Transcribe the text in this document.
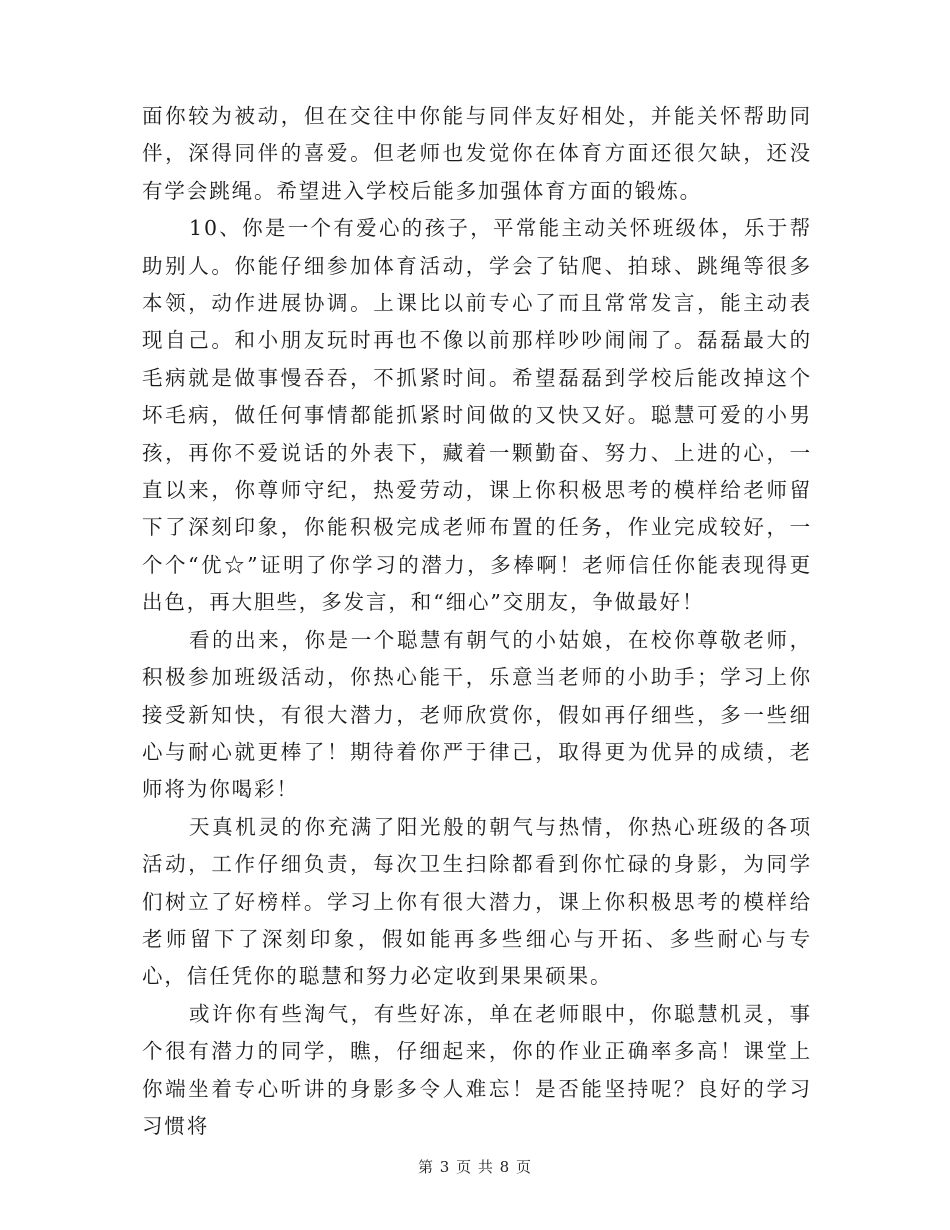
面你较为被动，但在交往中你能与同伴友好相处，并能关怀帮助同伴，深得同伴的喜爱。但老师也发觉你在体育方面还很欠缺，还没有学会跳绳。希望进入学校后能多加强体育方面的锻炼。

10、你是一个有爱心的孩子，平常能主动关怀班级体，乐于帮助别人。你能仔细参加体育活动，学会了钻爬、拍球、跳绳等很多本领，动作进展协调。上课比以前专心了而且常常发言，能主动表现自己。和小朋友玩时再也不像以前那样吵吵闹闹了。磊磊最大的毛病就是做事慢吞吞，不抓紧时间。希望磊磊到学校后能改掉这个坏毛病，做任何事情都能抓紧时间做的又快又好。聪慧可爱的小男孩，再你不爱说话的外表下，藏着一颗勤奋、努力、上进的心，一直以来，你尊师守纪，热爱劳动，课上你积极思考的模样给老师留下了深刻印象，你能积极完成老师布置的任务，作业完成较好，一个个“优☆”证明了你学习的潜力，多棒啊！老师信任你能表现得更出色，再大胆些，多发言，和“细心”交朋友，争做最好！

看的出来，你是一个聪慧有朝气的小姑娘，在校你尊敬老师，积极参加班级活动，你热心能干，乐意当老师的小助手；学习上你接受新知快，有很大潜力，老师欣赏你，假如再仔细些，多一些细心与耐心就更棒了！期待着你严于律己，取得更为优异的成绩，老师将为你喝彩！

天真机灵的你充满了阳光般的朝气与热情，你热心班级的各项活动，工作仔细负责，每次卫生扫除都看到你忙碌的身影，为同学们树立了好榜样。学习上你有很大潜力，课上你积极思考的模样给老师留下了深刻印象，假如能再多些细心与开拓、多些耐心与专心，信任凭你的聪慧和努力必定收到果果硕果。

或许你有些淘气，有些好冻，单在老师眼中，你聪慧机灵，事个很有潜力的同学，瞧，仔细起来，你的作业正确率多高！课堂上你端坐着专心听讲的身影多令人难忘！是否能坚持呢？良好的学习习惯将

第 3 页 共 8 页
